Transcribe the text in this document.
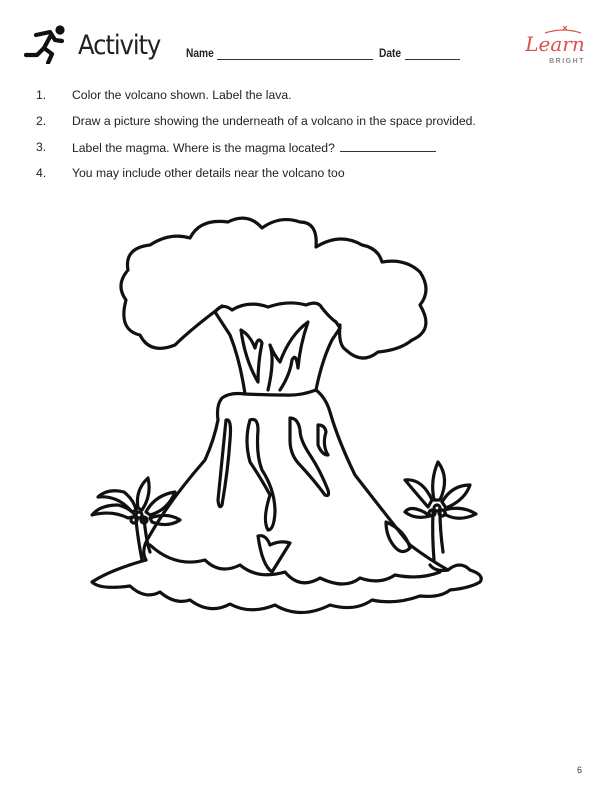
Activity Name	Date	Learn
BRIGHT
1. Color the volcano shown. Label the lava.
2. Draw a picture showing the underneath of a volcano in the space provided.
3. Label the magma. Where is the magma located?
4. You may include other details near the volcano too
6
